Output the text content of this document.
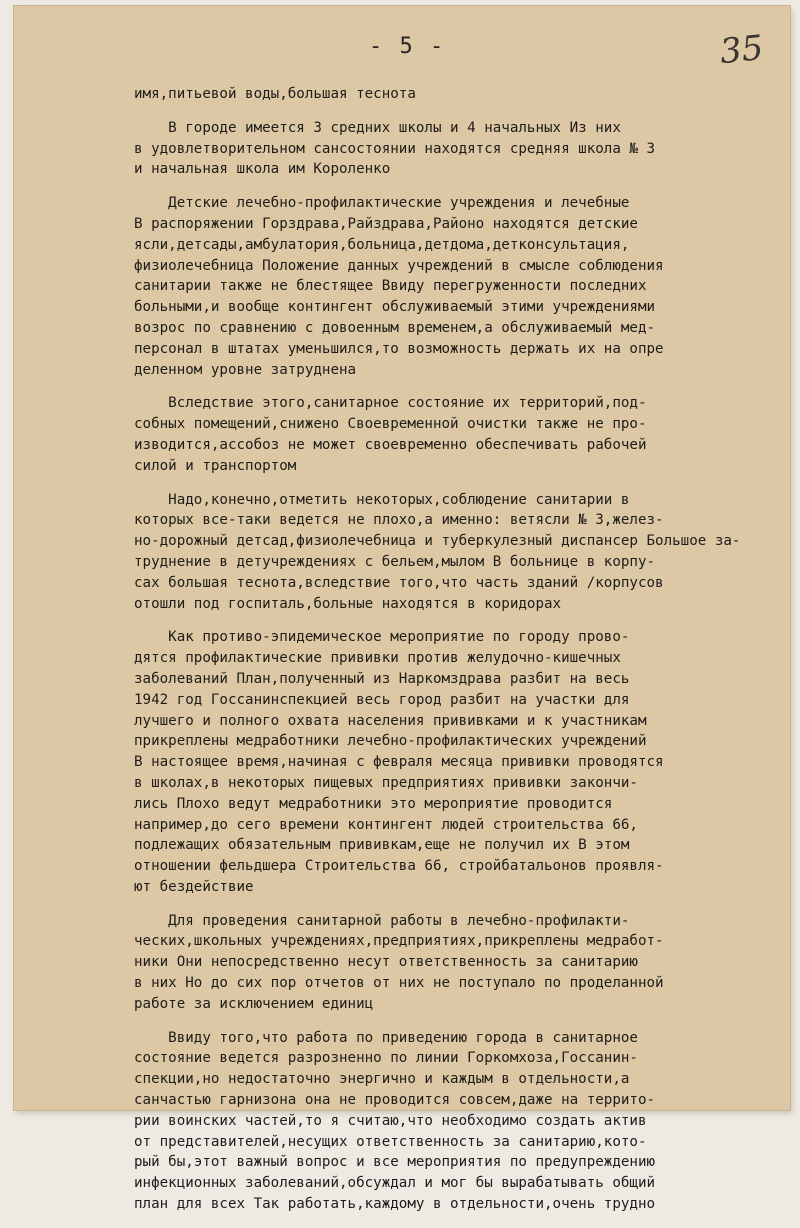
- 5 -	35
имя,питьевой воды,большая теснота
В городе имеется 3 средних школы и 4 начальных Из них
в удовлетворительном сансостоянии находятся средняя школа № 3
и начальная школа им Короленко
Детские лечебно-профилактические учреждения и лечебные
В распоряжении Горздрава,Райздрава,Районо находятся детские
ясли,детсады,амбулатория,больница,детдома,детконсультация,
физиолечебница Положение данных учреждений в смысле соблюдения
санитарии также не блестящее Ввиду перегруженности последних
больными,и вообще контингент обслуживаемый этими учреждениями
возрос по сравнению с довоенным временем,а обслуживаемый мед-
персонал в штатах уменьшился,то возможность держать их на опре
деленном уровне затруднена
Вследствие этого,санитарное состояние их территорий,под-
собных помещений,снижено Своевременной очистки также не про-
изводится,ассобоз не может своевременно обеспечивать рабочей
силой и транспортом
Надо,конечно,отметить некоторых,соблюдение санитарии в
которых все-таки ведется не плохо,а именно: ветясли № 3,желез-
но-дорожный детсад,физиолечебница и туберкулезный диспансер Большое за-
труднение в детучреждениях с бельем,мылом В больнице в корпу-
сах большая теснота,вследствие того,что часть зданий /корпусов
отошли под госпиталь,больные находятся в коридорах
Как противо-эпидемическое мероприятие по городу прово-
дятся профилактические прививки против желудочно-кишечных
заболеваний План,полученный из Наркомздрава разбит на весь
1942 год Госсанинспекцией весь город разбит на участки для
лучшего и полного охвата населения прививками и к участникам
прикреплены медработники лечебно-профилактических учреждений
В настоящее время,начиная с февраля месяца прививки проводятся
в школах,в некоторых пищевых предприятиях прививки закончи-
лись Плохо ведут медработники это мероприятие проводится
например,до сего времени контингент людей строительства 66,
подлежащих обязательным прививкам,еще не получил их В этом
отношении фельдшера Строительства 66, стройбатальонов проявля-
ют бездействие
Для проведения санитарной работы в лечебно-профилакти-
ческих,школьных учреждениях,предприятиях,прикреплены медработ-
ники Они непосредственно несут ответственность за санитарию
в них Но до сих пор отчетов от них не поступало по проделанной
работе за исключением единиц
Ввиду того,что работа по приведению города в санитарное
состояние ведется разрозненно по линии Горкомхоза,Госсанин-
спекции,но недостаточно энергично и каждым в отдельности,а
санчастью гарнизона она не проводится совсем,даже на террито-
рии воинских частей,то я считаю,что необходимо создать актив
от представителей,несущих ответственность за санитарию,кото-
рый бы,этот важный вопрос и все мероприятия по предупреждению
инфекционных заболеваний,обсуждал и мог бы вырабатывать общий
план для всех Так работать,каждому в отдельности,очень трудно
